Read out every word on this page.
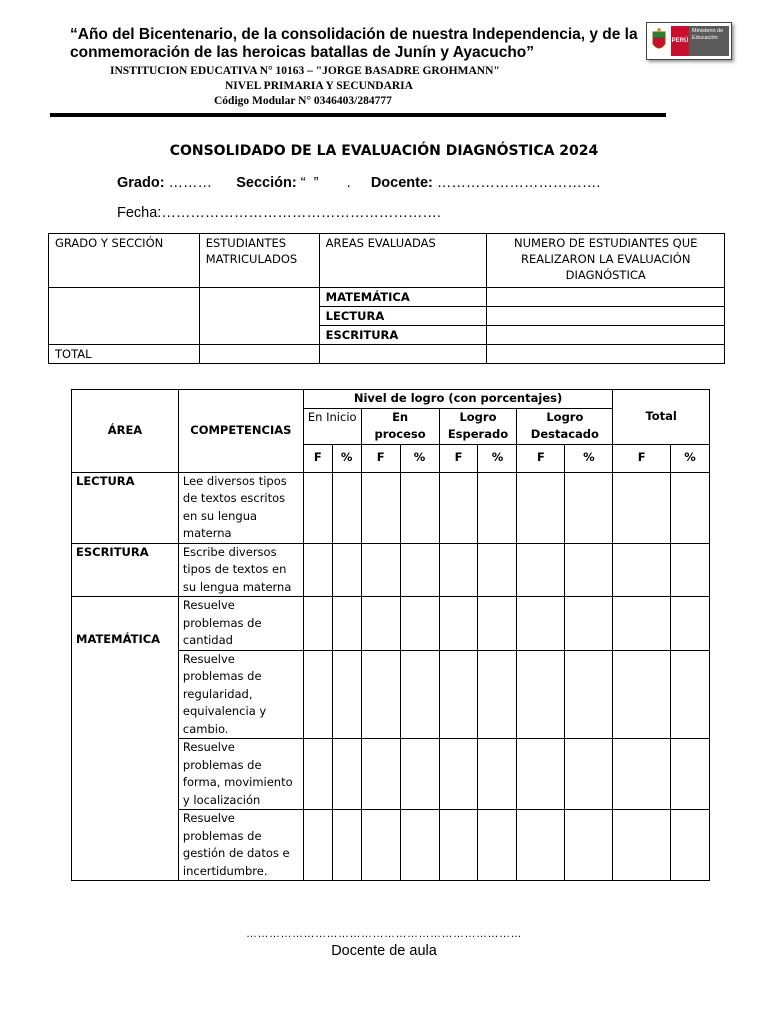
“Año del Bicentenario, de la consolidación de nuestra Independencia, y de la conmemoración de las heroicas batallas de Junín y Ayacucho”
INSTITUCION EDUCATIVA N° 10163 – "JORGE BASADRE GROHMANN"
NIVEL PRIMARIA Y SECUNDARIA
Código Modular N° 0346403/284777
PERÚ
Ministerio de Educación
CONSOLIDADO DE LA EVALUACIÓN DIAGNÓSTICA 2024
Grado: ……… Sección: “  ”       . Docente: …………………………….
Fecha:………………………………………………….
GRADO Y SECCIÓN	ESTUDIANTES MATRICULADOS	AREAS EVALUADAS	NUMERO DE ESTUDIANTES QUE REALIZARON LA EVALUACIÓN DIAGNÓSTICA
		MATEMÁTICA	
		LECTURA	
		ESCRITURA	
TOTAL			
ÁREA	COMPETENCIAS	Nivel de logro (con porcentajes)								Total	
		En Inicio		En proceso		Logro Esperado		Logro Destacado			
		F	%	F	%	F	%	F	%	F	%
LECTURA	Lee diversos tipos de textos escritos en su lengua materna										
ESCRITURA	Escribe diversos tipos de textos en su lengua materna										
MATEMÁTICA	Resuelve problemas de cantidad										
	Resuelve problemas de regularidad, equivalencia y cambio.										
	Resuelve problemas de forma, movimiento y localización										
	Resuelve problemas de gestión de datos e incertidumbre.										
………………………………………………………………
Docente de aula
